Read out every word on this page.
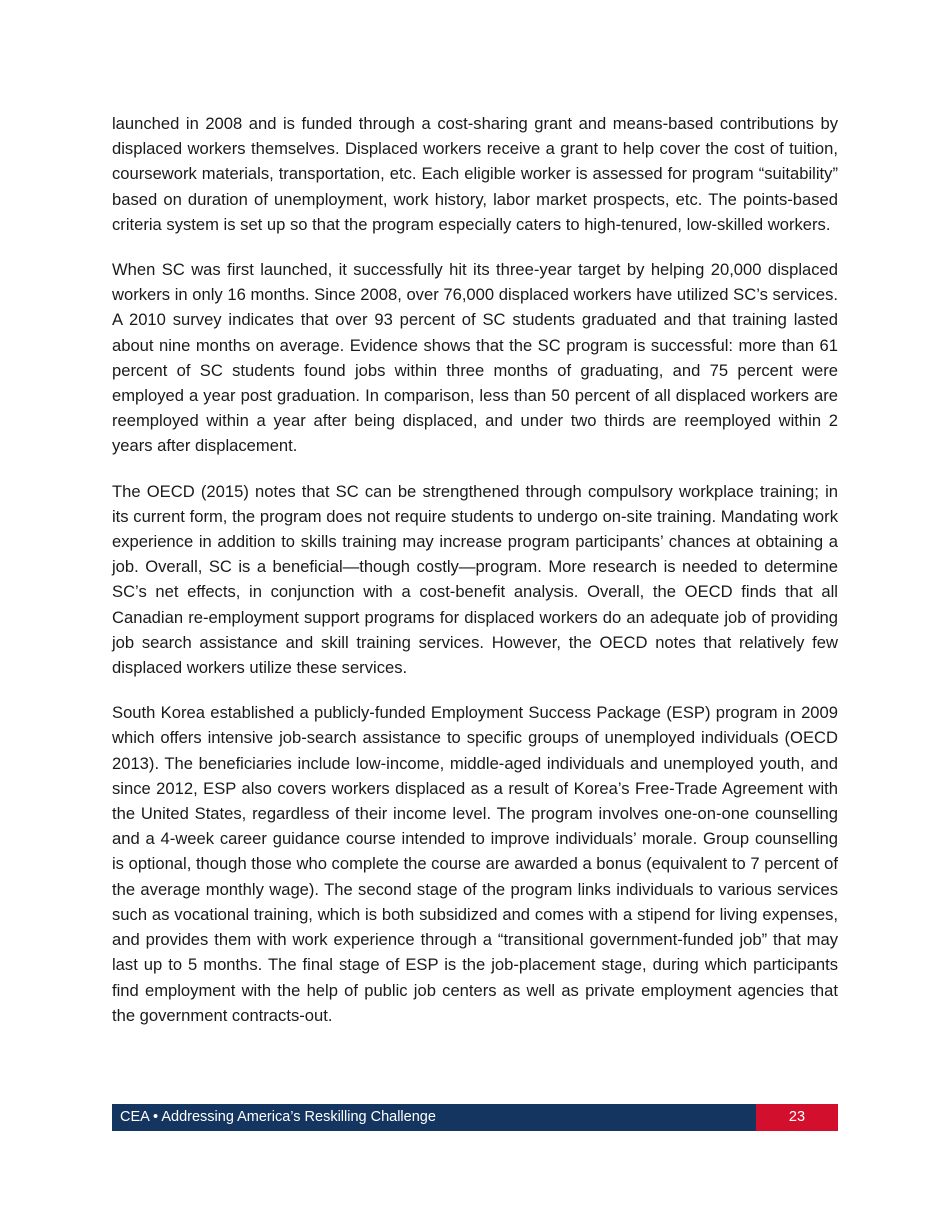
launched in 2008 and is funded through a cost-sharing grant and means-based contributions by displaced workers themselves. Displaced workers receive a grant to help cover the cost of tuition, coursework materials, transportation, etc. Each eligible worker is assessed for program “suitability” based on duration of unemployment, work history, labor market prospects, etc. The points-based criteria system is set up so that the program especially caters to high-tenured, low-skilled workers.

When SC was first launched, it successfully hit its three-year target by helping 20,000 displaced workers in only 16 months. Since 2008, over 76,000 displaced workers have utilized SC’s services. A 2010 survey indicates that over 93 percent of SC students graduated and that training lasted about nine months on average. Evidence shows that the SC program is successful: more than 61 percent of SC students found jobs within three months of graduating, and 75 percent were employed a year post graduation. In comparison, less than 50 percent of all displaced workers are reemployed within a year after being displaced, and under two thirds are reemployed within 2 years after displacement.

The OECD (2015) notes that SC can be strengthened through compulsory workplace training; in its current form, the program does not require students to undergo on-site training. Mandating work experience in addition to skills training may increase program participants’ chances at obtaining a job. Overall, SC is a beneficial—though costly—program. More research is needed to determine SC’s net effects, in conjunction with a cost-benefit analysis. Overall, the OECD finds that all Canadian re-employment support programs for displaced workers do an adequate job of providing job search assistance and skill training services. However, the OECD notes that relatively few displaced workers utilize these services.

South Korea established a publicly-funded Employment Success Package (ESP) program in 2009 which offers intensive job-search assistance to specific groups of unemployed individuals (OECD 2013). The beneficiaries include low-income, middle-aged individuals and unemployed youth, and since 2012, ESP also covers workers displaced as a result of Korea’s Free-Trade Agreement with the United States, regardless of their income level. The program involves one-on-one counselling and a 4-week career guidance course intended to improve individuals’ morale. Group counselling is optional, though those who complete the course are awarded a bonus (equivalent to 7 percent of the average monthly wage). The second stage of the program links individuals to various services such as vocational training, which is both subsidized and comes with a stipend for living expenses, and provides them with work experience through a “transitional government-funded job” that may last up to 5 months. The final stage of ESP is the job-placement stage, during which participants find employment with the help of public job centers as well as private employment agencies that the government contracts-out.

CEA • Addressing America’s Reskilling Challenge	23
